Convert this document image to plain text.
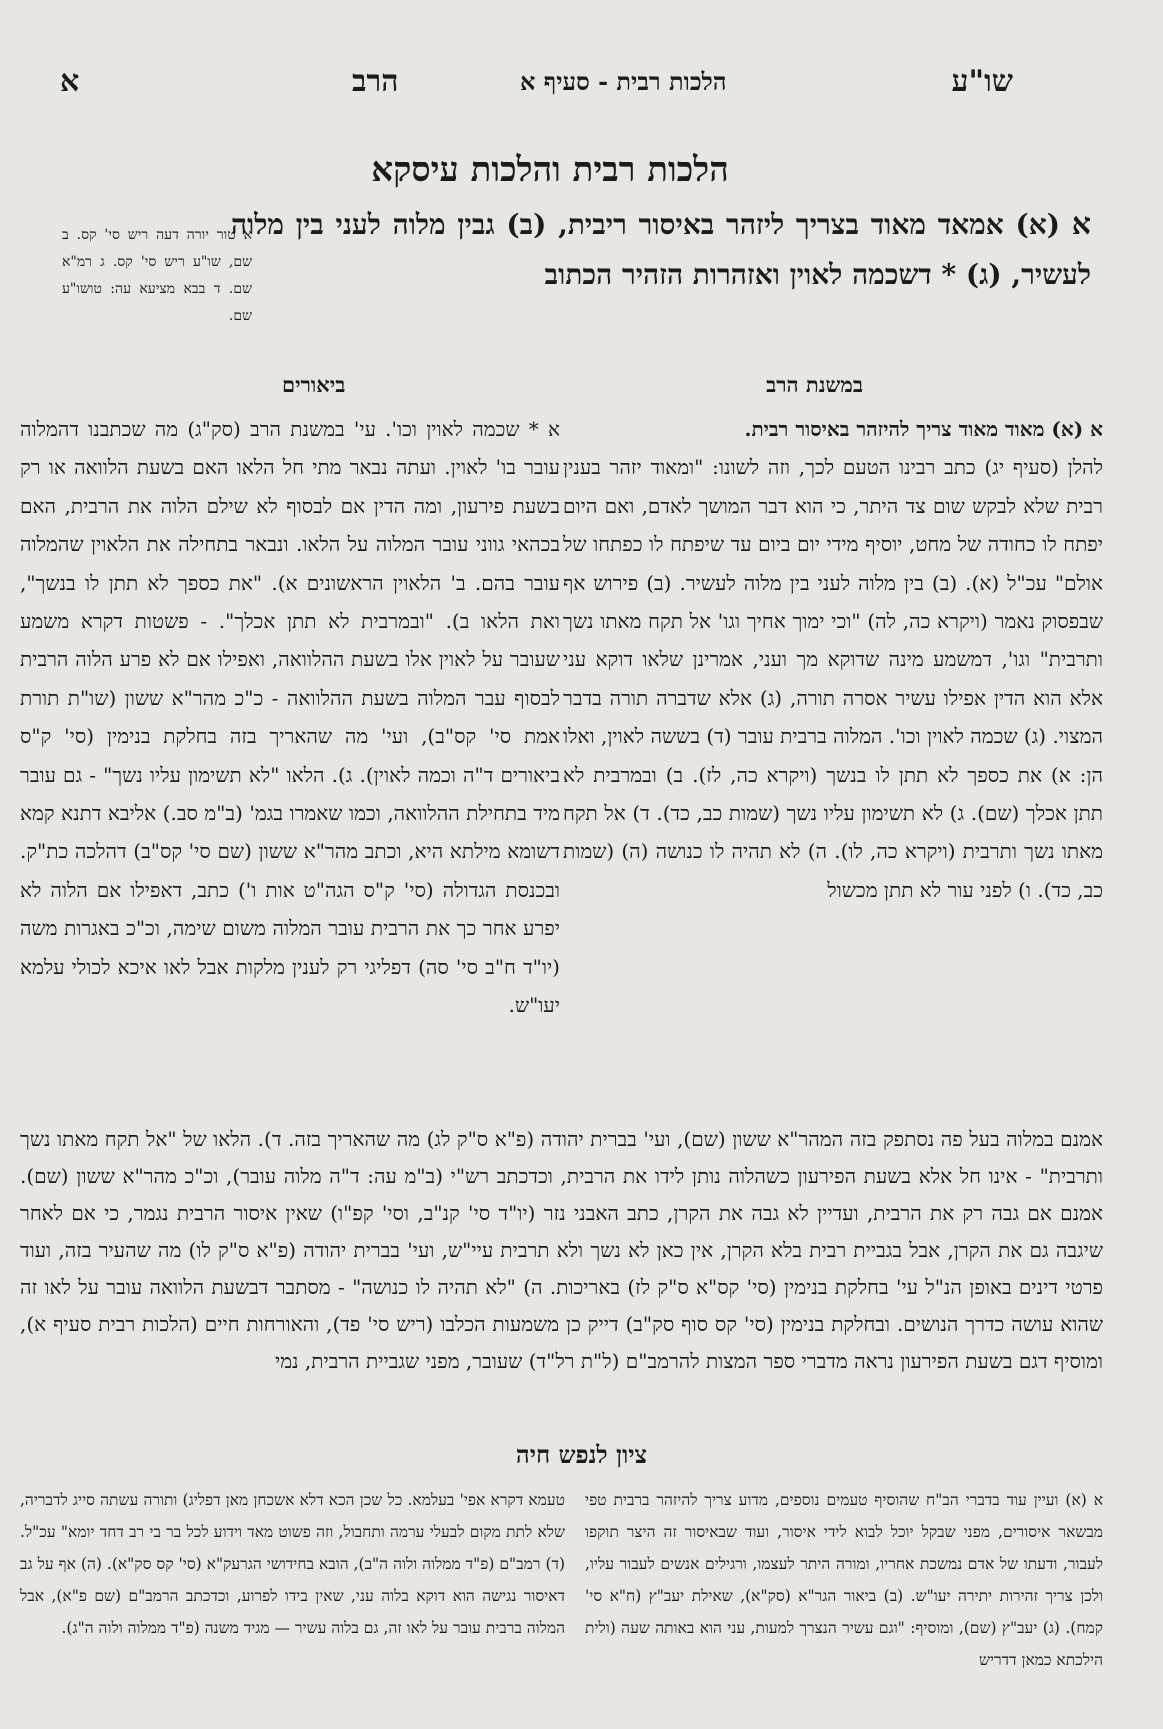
א	הרב	הלכות רבית - סעיף א	שו"ע
הלכות רבית והלכות עיסקא
א (א) אמאד מאוד בצריך ליזהר באיסור ריבית, (ב) גבין מלוה לעני בין מלוה לעשיר, (ג) * דשכמה לאוין ואזהרות הזהיר הכתוב
א טור יורה דעה ריש סי' קס. ב שם, שו"ע ריש סי' קס. ג רמ"א שם. ד בבא מציעא עה: טושו"ע שם.
במשנת הרב
ביאורים

א (א) מאוד מאוד צריך להיזהר באיסור רבית.

להלן (סעיף יג) כתב רבינו הטעם לכך, וזה לשונו: "ומאוד יזהר בענין רבית שלא לבקש שום צד היתר, כי הוא דבר המושך לאדם, ואם היום יפתח לו כחודה של מחט, יוסיף מידי יום ביום עד שיפתח לו כפתחו של אולם" עכ"ל (א). (ב) בין מלוה לעני בין מלוה לעשיר. (ב) פירוש אף שבפסוק נאמר (ויקרא כה, לה) "וכי ימוך אחיך וגו' אל תקח מאתו נשך ותרבית" וגו', דמשמע מינה שדוקא מך ועני, אמרינן שלאו דוקא עני אלא הוא הדין אפילו עשיר אסרה תורה, (ג) אלא שדברה תורה בדבר המצוי. (ג) שכמה לאוין וכו'. המלוה ברבית עובר (ד) בששה לאוין, ואלו הן: א) את כספך לא תתן לו בנשך (ויקרא כה, לז). ב) ובמרבית לא תתן אכלך (שם). ג) לא תשימון עליו נשך (שמות כב, כד). ד) אל תקח מאתו נשך ותרבית (ויקרא כה, לו). ה) לא תהיה לו כנושה (ה) (שמות כב, כד). ו) לפני עור לא תתן מכשול

א * שכמה לאוין וכו'. עי' במשנת הרב (סק"ג) מה שכתבנו דהמלוה עובר בו' לאוין. ועתה נבאר מתי חל הלאו האם בשעת הלוואה או רק בשעת פירעון, ומה הדין אם לבסוף לא שילם הלוה את הרבית, האם בכהאי גווני עובר המלוה על הלאו. ונבאר בתחילה את הלאוין שהמלוה עובר בהם. ב' הלאוין הראשונים א). "את כספך לא תתן לו בנשך", ואת הלאו ב). "ובמרבית לא תתן אכלך". - פשטות דקרא משמע שעובר על לאוין אלו בשעת ההלוואה, ואפילו אם לא פרע הלוה הרבית לבסוף עבר המלוה בשעת ההלוואה - כ"כ מהר"א ששון (שו"ת תורת אמת סי' קס"ב), ועי' מה שהאריך בזה בחלקת בנימין (סי' ק"ס ביאורים ד"ה וכמה לאוין). ג). הלאו "לא תשימון עליו נשך" - גם עובר מיד בתחילת ההלוואה, וכמו שאמרו בגמ' (ב"מ סב.) אליבא דתנא קמא דשומא מילתא היא, וכתב מהר"א ששון (שם סי' קס"ב) דהלכה כת"ק. ובכנסת הגדולה (סי' ק"ס הגה"ט אות ו') כתב, דאפילו אם הלוה לא יפרע אחר כך את הרבית עובר המלוה משום שימה, וכ"כ באגרות משה (יו"ד ח"ב סי' סה) דפליגי רק לענין מלקות אבל לאו איכא לכולי עלמא יעו"ש.

אמנם במלוה בעל פה נסתפק בזה המהר"א ששון (שם), ועי' בברית יהודה (פ"א ס"ק לג) מה שהאריך בזה. ד). הלאו של "אל תקח מאתו נשך ותרבית" - אינו חל אלא בשעת הפירעון כשהלוה נותן לידו את הרבית, וכדכתב רש"י (ב"מ עה: ד"ה מלוה עובר), וכ"כ מהר"א ששון (שם). אמנם אם גבה רק את הרבית, ועדיין לא גבה את הקרן, כתב האבני נזר (יו"ד סי' קנ"ב, וסי' קפ"ו) שאין איסור הרבית נגמר, כי אם לאחר שיגבה גם את הקרן, אבל בגביית רבית בלא הקרן, אין כאן לא נשך ולא תרבית עיי"ש, ועי' בברית יהודה (פ"א ס"ק לו) מה שהעיר בזה, ועוד פרטי דינים באופן הנ"ל עי' בחלקת בנימין (סי' קס"א ס"ק לז) באריכות. ה) "לא תהיה לו כנושה" - מסתבר דבשעת הלוואה עובר על לאו זה שהוא עושה כדרך הנושים. ובחלקת בנימין (סי' קס סוף סק"ב) דייק כן משמעות הכלבו (ריש סי' פד), והאורחות חיים (הלכות רבית סעיף א), ומוסיף דגם בשעת הפירעון נראה מדברי ספר המצות להרמב"ם (ל"ת רל"ד) שעובר, מפני שגביית הרבית, נמי

ציון לנפש חיה

א (א) ועיין עוד בדברי הב"ח שהוסיף טעמים נוספים, מדוע צריך להיזהר ברבית טפי מבשאר איסורים, מפני שבקל יוכל לבוא לידי איסור, ועוד שבאיסור זה היצר תוקפו לעבור, ודעתו של אדם נמשכת אחריו, ומורה היתר לעצמו, ורגילים אנשים לעבור עליו, ולכן צריך זהירות יתירה יעו"ש. (ב) ביאור הגר"א (סק"א), שאילת יעב"ץ (ח"א סי' קמח). (ג) יעב"ץ (שם), ומוסיף: "וגם עשיר הנצרך למעות, עני הוא באותה שעה (ולית הילכתא כמאן דדריש

טעמא דקרא אפי' בעלמא. כל שכן הכא דלא אשכחן מאן דפליג) ותורה עשתה סייג לדבריה, שלא לתת מקום לבעלי ערמה ותחבול, וזה פשוט מאד וידוע לכל בר בי רב דחד יומא" עכ"ל. (ד) רמב"ם (פ"ד ממלוה ולוה ה"ב), הובא בחידושי הגרעק"א (סי' קס סק"א). (ה) אף על גב דאיסור נגישה הוא דוקא בלוה עני, שאין בידו לפרוע, וכדכתב הרמב"ם (שם פ"א), אבל המלוה ברבית עובר על לאו זה, גם בלוה עשיר — מגיד משנה (פ"ד ממלוה ולוה ה"ג).
